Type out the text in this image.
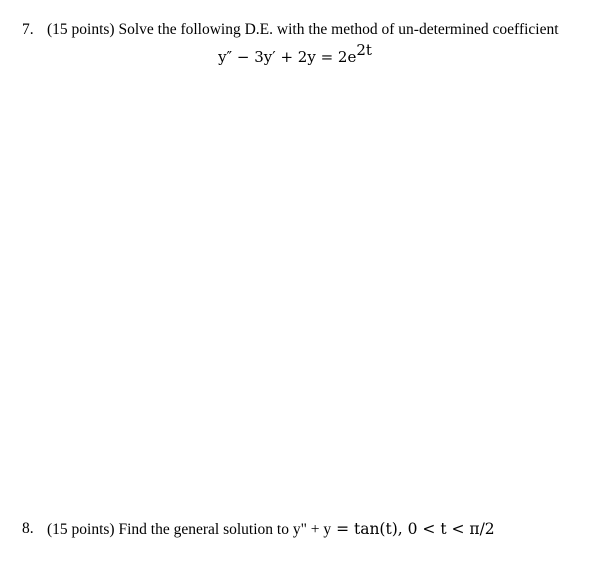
7. (15 points) Solve the following D.E. with the method of un-determined coefficient
$y'' - 3y' + 2y = 2e^{2t}$
8. (15 points) Find the general solution to y" + y = tan(t), 0 < t < π/2
